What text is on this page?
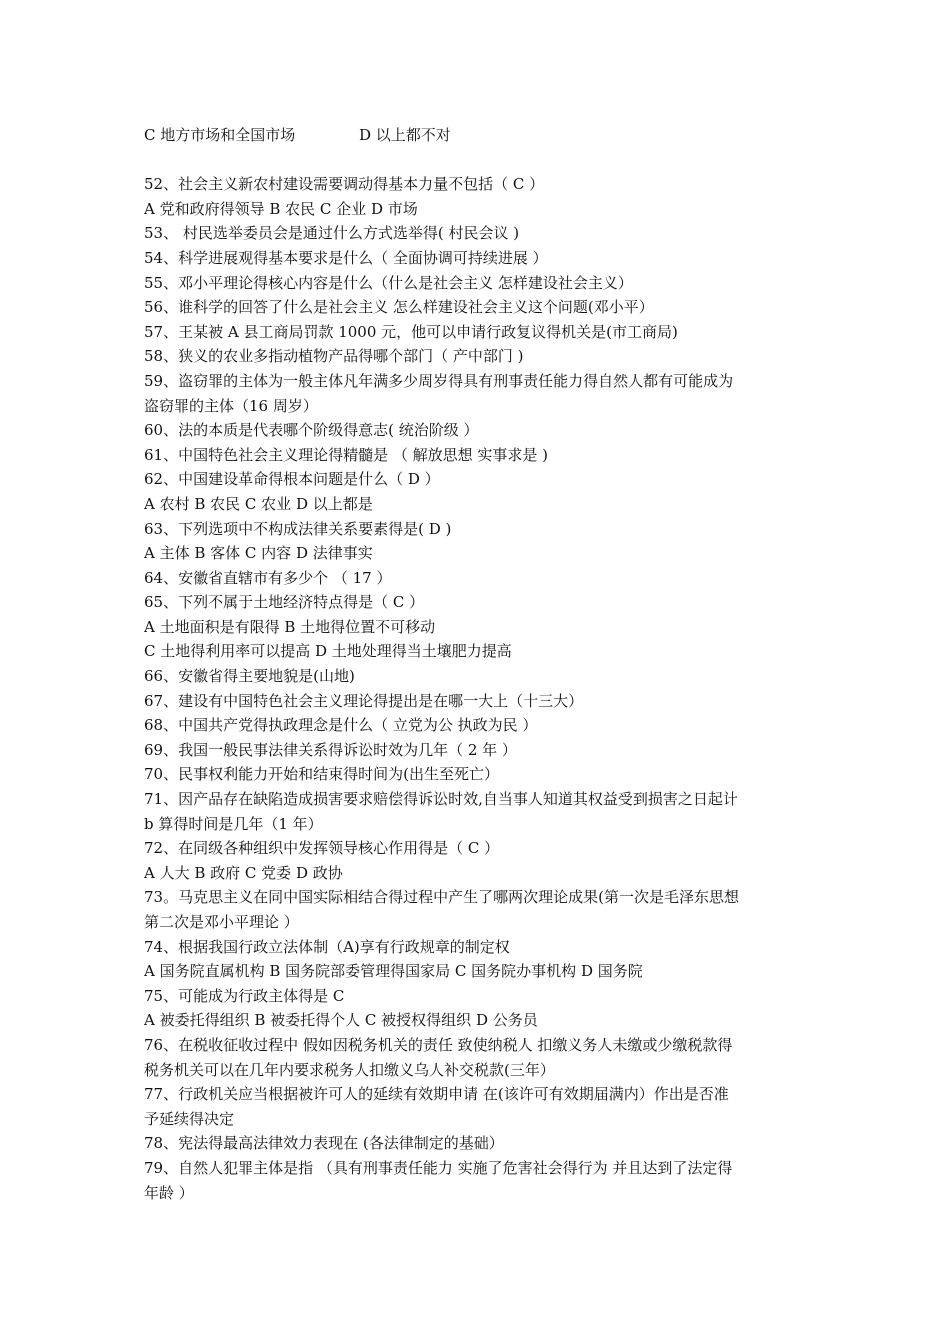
C 地方市场和全国市场	D 以上都不对
52、社会主义新农村建设需要调动得基本力量不包括（ C ）
A 党和政府得领导 B 农民 C 企业 D 市场
53、 村民选举委员会是通过什么方式选举得( 村民会议 )
54、科学进展观得基本要求是什么（ 全面协调可持续进展 ）
55、邓小平理论得核心内容是什么（什么是社会主义 怎样建设社会主义）
56、谁科学的回答了什么是社会主义 怎么样建设社会主义这个问题(邓小平）
57、王某被 A 县工商局罚款 1000 元，他可以申请行政复议得机关是(市工商局)
58、狭义的农业多指动植物产品得哪个部门（ 产中部门 )
59、盗窃罪的主体为一般主体凡年满多少周岁得具有刑事责任能力得自然人都有可能成为
盗窃罪的主体（16 周岁）
60、法的本质是代表哪个阶级得意志( 统治阶级 ）
61、中国特色社会主义理论得精髓是 （ 解放思想 实事求是 )
62、中国建设革命得根本问题是什么（ D ）
A 农村 B 农民 C 农业 D 以上都是
63、下列选项中不构成法律关系要素得是( D )
A 主体 B 客体 C 内容 D 法律事实
64、安徽省直辖市有多少个 （ 17 ）
65、下列不属于土地经济特点得是（ C ）
A 土地面积是有限得 B 土地得位置不可移动
C 土地得利用率可以提高 D 土地处理得当土壤肥力提高
66、安徽省得主要地貌是(山地)
67、建设有中国特色社会主义理论得提出是在哪一大上（十三大）
68、中国共产党得执政理念是什么（ 立党为公 执政为民 ）
69、我国一般民事法律关系得诉讼时效为几年（ 2 年 ）
70、民事权利能力开始和结束得时间为(出生至死亡）
71、因产品存在缺陷造成损害要求赔偿得诉讼时效,自当事人知道其权益受到损害之日起计
b 算得时间是几年（1 年）
72、在同级各种组织中发挥领导核心作用得是（ C ）
A 人大 B 政府 C 党委 D 政协
73。马克思主义在同中国实际相结合得过程中产生了哪两次理论成果(第一次是毛泽东思想
第二次是邓小平理论 ）
74、根据我国行政立法体制（A)享有行政规章的制定权
A 国务院直属机构 B 国务院部委管理得国家局 C 国务院办事机构 D 国务院
75、可能成为行政主体得是 C
A 被委托得组织 B 被委托得个人 C 被授权得组织 D 公务员
76、在税收征收过程中 假如因税务机关的责任 致使纳税人 扣缴义务人未缴或少缴税款得
税务机关可以在几年内要求税务人扣缴义乌人补交税款(三年）
77、行政机关应当根据被许可人的延续有效期申请 在(该许可有效期届满内）作出是否准
予延续得决定
78、宪法得最高法律效力表现在 (各法律制定的基础）
79、自然人犯罪主体是指 （具有刑事责任能力 实施了危害社会得行为 并且达到了法定得
年龄 ）
